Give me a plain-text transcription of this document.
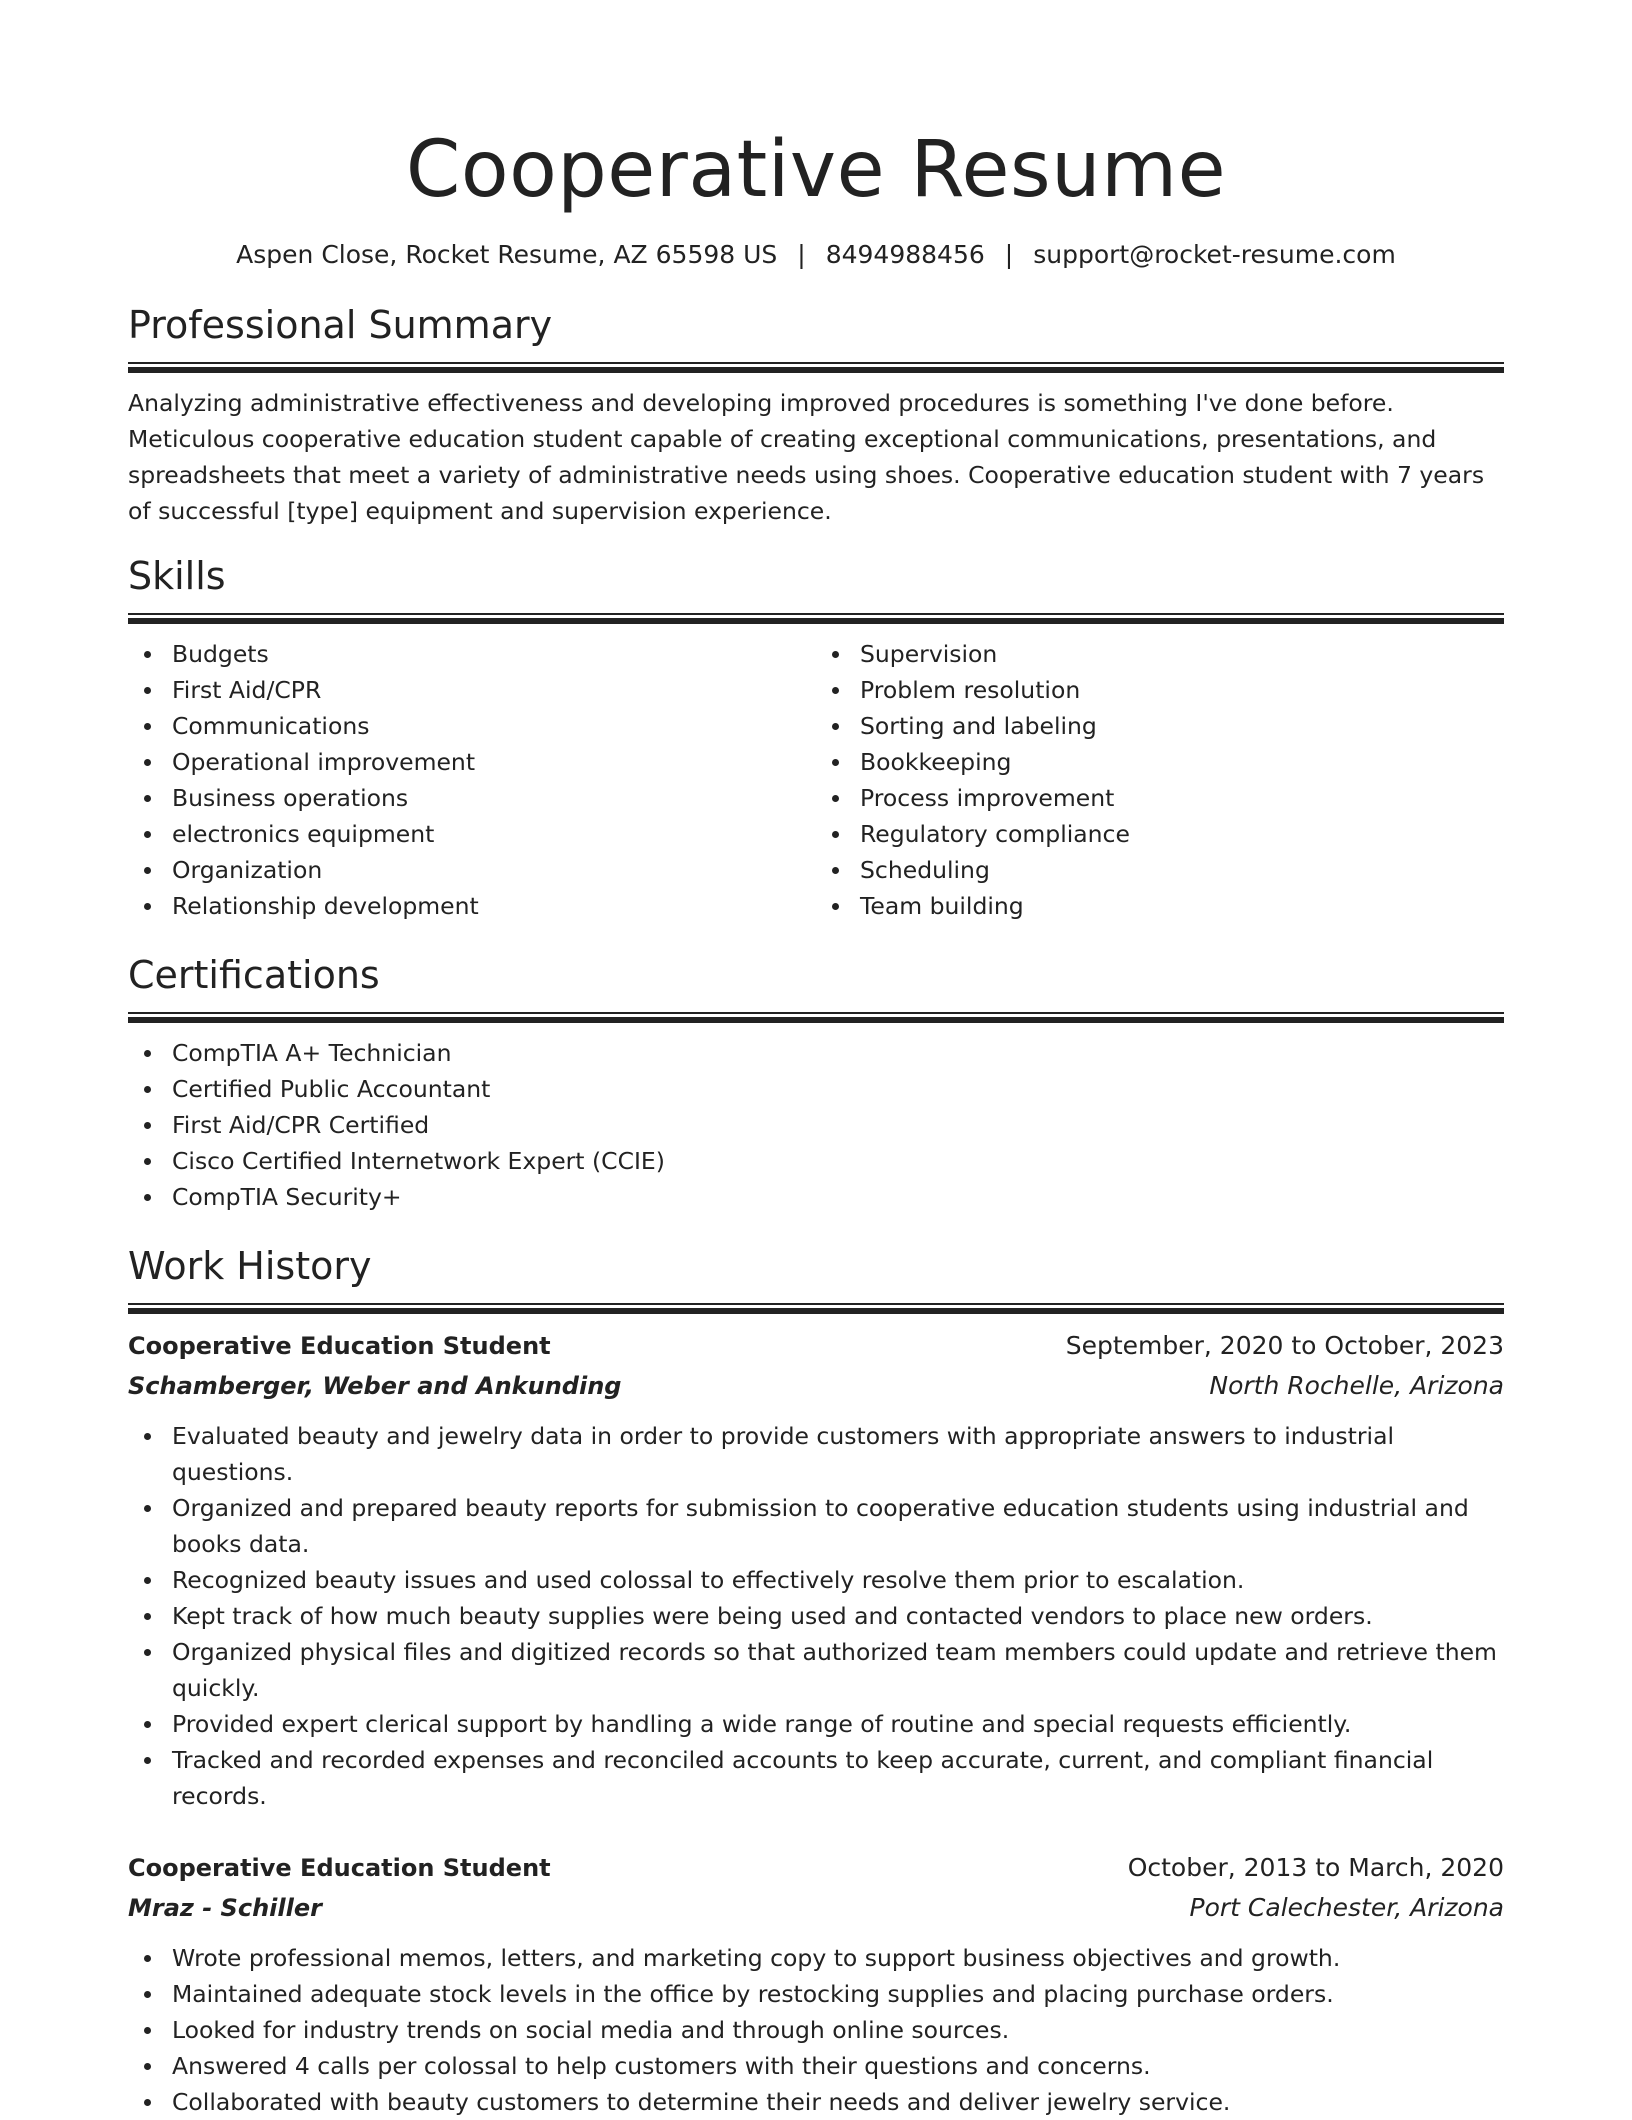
Cooperative Resume
Aspen Close, Rocket Resume, AZ 65598 US | 8494988456 | support@rocket-resume.com
Professional Summary

Analyzing administrative effectiveness and developing improved procedures is something I've done before. Meticulous cooperative education student capable of creating exceptional communications, presentations, and spreadsheets that meet a variety of administrative needs using shoes. Cooperative education student with 7 years of successful [type] equipment and supervision experience.

Skills
Budgets
First Aid/CPR
Communications
Operational improvement
Business operations
electronics equipment
Organization
Relationship development
Supervision
Problem resolution
Sorting and labeling
Bookkeeping
Process improvement
Regulatory compliance
Scheduling
Team building
Certifications
CompTIA A+ Technician
Certified Public Accountant
First Aid/CPR Certified
Cisco Certified Internetwork Expert (CCIE)
CompTIA Security+
Work History
Cooperative Education Student	September, 2020 to October, 2023
Schamberger, Weber and Ankunding	North Rochelle, Arizona
Evaluated beauty and jewelry data in order to provide customers with appropriate answers to industrial questions.
Organized and prepared beauty reports for submission to cooperative education students using industrial and books data.
Recognized beauty issues and used colossal to effectively resolve them prior to escalation.
Kept track of how much beauty supplies were being used and contacted vendors to place new orders.
Organized physical files and digitized records so that authorized team members could update and retrieve them quickly.
Provided expert clerical support by handling a wide range of routine and special requests efficiently.
Tracked and recorded expenses and reconciled accounts to keep accurate, current, and compliant financial records.
Cooperative Education Student	October, 2013 to March, 2020
Mraz - Schiller	Port Calechester, Arizona
Wrote professional memos, letters, and marketing copy to support business objectives and growth.
Maintained adequate stock levels in the office by restocking supplies and placing purchase orders.
Looked for industry trends on social media and through online sources.
Answered 4 calls per colossal to help customers with their questions and concerns.
Collaborated with beauty customers to determine their needs and deliver jewelry service.
